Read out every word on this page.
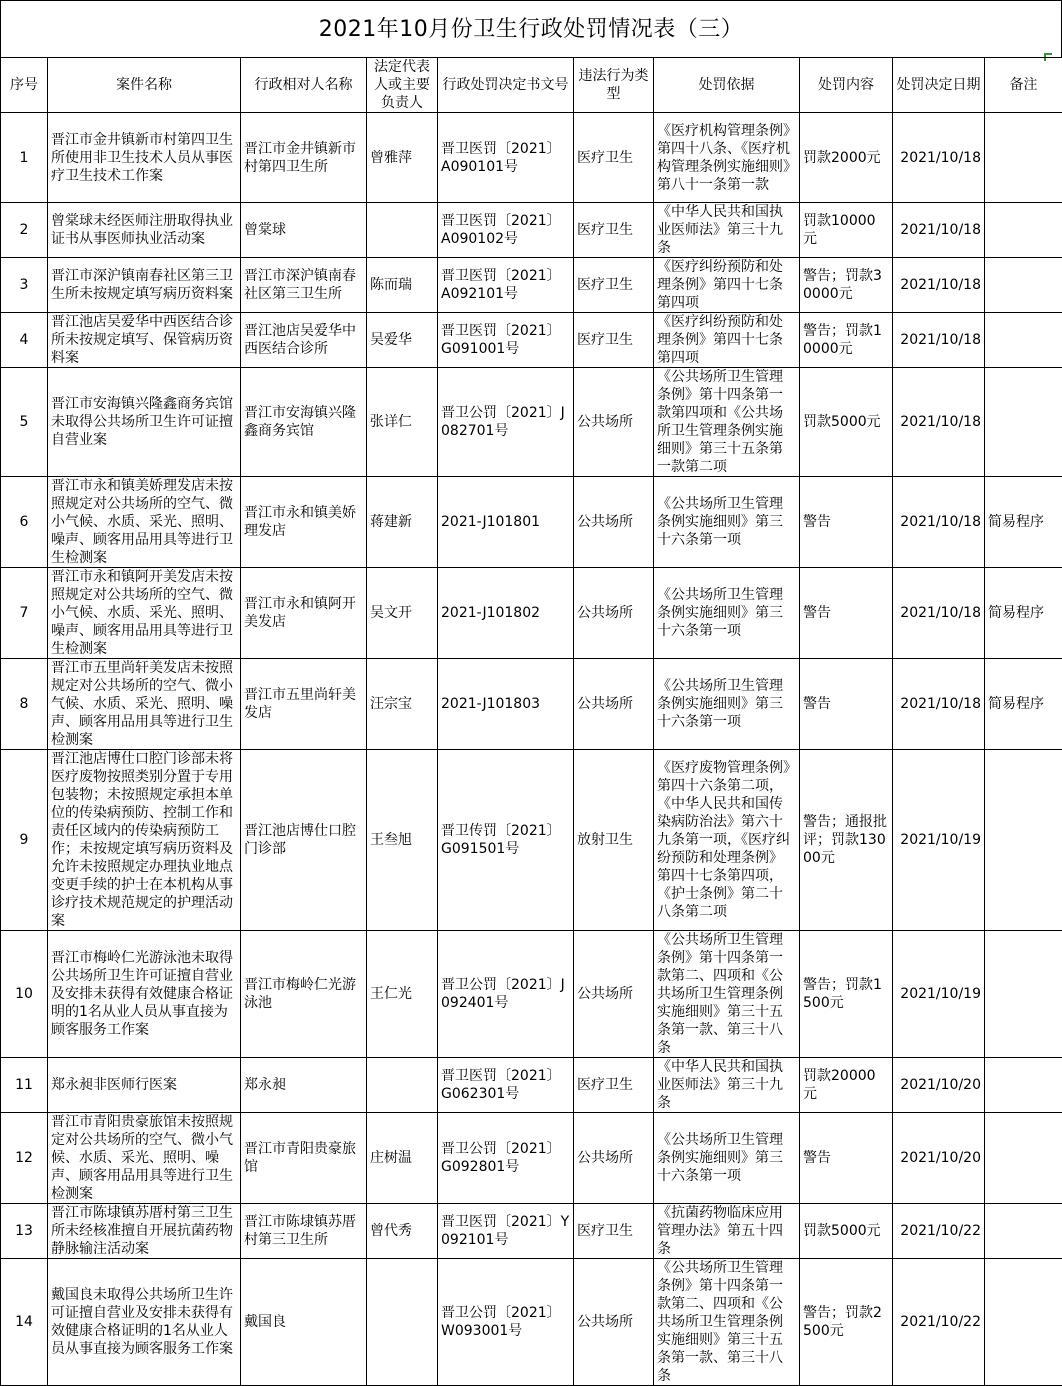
2021年10月份卫生行政处罚情况表（三）
序号	案件名称	行政相对人名称	法定代表人或主要负责人	行政处罚决定书文号	违法行为类型	处罚依据	处罚内容	处罚决定日期	备注
1	晋江市金井镇新市村第四卫生所使用非卫生技术人员从事医疗卫生技术工作案	晋江市金井镇新市村第四卫生所	曾雅萍	晋卫医罚〔2021〕A090101号	医疗卫生	《医疗机构管理条例》第四十八条、《医疗机构管理条例实施细则》第八十一条第一款	罚款2000元	2021/10/18	
2	曾棠球未经医师注册取得执业证书从事医师执业活动案	曾棠球		晋卫医罚〔2021〕A090102号	医疗卫生	《中华人民共和国执业医师法》第三十九条	罚款10000元	2021/10/18	
3	晋江市深沪镇南春社区第三卫生所未按规定填写病历资料案	晋江市深沪镇南春社区第三卫生所	陈而瑞	晋卫医罚〔2021〕A092101号	医疗卫生	《医疗纠纷预防和处理条例》第四十七条第四项	警告；罚款30000元	2021/10/18	
4	晋江池店吴爱华中西医结合诊所未按规定填写、保管病历资料案	晋江池店吴爱华中西医结合诊所	吴爱华	晋卫医罚〔2021〕G091001号	医疗卫生	《医疗纠纷预防和处理条例》第四十七条第四项	警告；罚款10000元	2021/10/18	
5	晋江市安海镇兴隆鑫商务宾馆未取得公共场所卫生许可证擅自营业案	晋江市安海镇兴隆鑫商务宾馆	张详仁	晋卫公罚〔2021〕J082701号	公共场所	《公共场所卫生管理条例》第十四条第一款第四项和《公共场所卫生管理条例实施细则》第三十五条第一款第二项	罚款5000元	2021/10/18	
6	晋江市永和镇美娇理发店未按照规定对公共场所的空气、微小气候、水质、采光、照明、噪声、顾客用品用具等进行卫生检测案	晋江市永和镇美娇理发店	蒋建新	2021-J101801	公共场所	《公共场所卫生管理条例实施细则》第三十六条第一项	警告	2021/10/18	简易程序
7	晋江市永和镇阿开美发店未按照规定对公共场所的空气、微小气候、水质、采光、照明、噪声、顾客用品用具等进行卫生检测案	晋江市永和镇阿开美发店	吴文开	2021-J101802	公共场所	《公共场所卫生管理条例实施细则》第三十六条第一项	警告	2021/10/18	简易程序
8	晋江市五里尚轩美发店未按照规定对公共场所的空气、微小气候、水质、采光、照明、噪声、顾客用品用具等进行卫生检测案	晋江市五里尚轩美发店	汪宗宝	2021-J101803	公共场所	《公共场所卫生管理条例实施细则》第三十六条第一项	警告	2021/10/18	简易程序
9	晋江池店博仕口腔门诊部未将医疗废物按照类别分置于专用包装物；未按照规定承担本单位的传染病预防、控制工作和责任区域内的传染病预防工作；未按规定填写病历资料及允许未按照规定办理执业地点变更手续的护士在本机构从事诊疗技术规范规定的护理活动案	晋江池店博仕口腔门诊部	王叁旭	晋卫传罚〔2021〕G091501号	放射卫生	《医疗废物管理条例》第四十六条第二项，《中华人民共和国传染病防治法》第六十九条第一项，《医疗纠纷预防和处理条例》第四十七条第四项，《护士条例》第二十八条第二项	警告；通报批评；罚款13000元	2021/10/19	
10	晋江市梅岭仁光游泳池未取得公共场所卫生许可证擅自营业及安排未获得有效健康合格证明的1名从业人员从事直接为顾客服务工作案	晋江市梅岭仁光游泳池	王仁光	晋卫公罚〔2021〕J092401号	公共场所	《公共场所卫生管理条例》第十四条第一款第二、四项和《公共场所卫生管理条例实施细则》第三十五条第一款、第三十八条	警告；罚款1500元	2021/10/19	
11	郑永昶非医师行医案	郑永昶		晋卫医罚〔2021〕G062301号	医疗卫生	《中华人民共和国执业医师法》第三十九条	罚款20000元	2021/10/20	
12	晋江市青阳贵豪旅馆未按照规定对公共场所的空气、微小气候、水质、采光、照明、噪声、顾客用品用具等进行卫生检测案	晋江市青阳贵豪旅馆	庄树温	晋卫公罚〔2021〕G092801号	公共场所	《公共场所卫生管理条例实施细则》第三十六条第一项	警告	2021/10/20	
13	晋江市陈埭镇苏厝村第三卫生所未经核准擅自开展抗菌药物静脉输注活动案	晋江市陈埭镇苏厝村第三卫生所	曾代秀	晋卫医罚〔2021〕Y092101号	医疗卫生	《抗菌药物临床应用管理办法》第五十四条	罚款5000元	2021/10/22	
14	戴国良未取得公共场所卫生许可证擅自营业及安排未获得有效健康合格证明的1名从业人员从事直接为顾客服务工作案	戴国良		晋卫公罚〔2021〕W093001号	公共场所	《公共场所卫生管理条例》第十四条第一款第二、四项和《公共场所卫生管理条例实施细则》第三十五条第一款、第三十八条	警告；罚款2500元	2021/10/22	
